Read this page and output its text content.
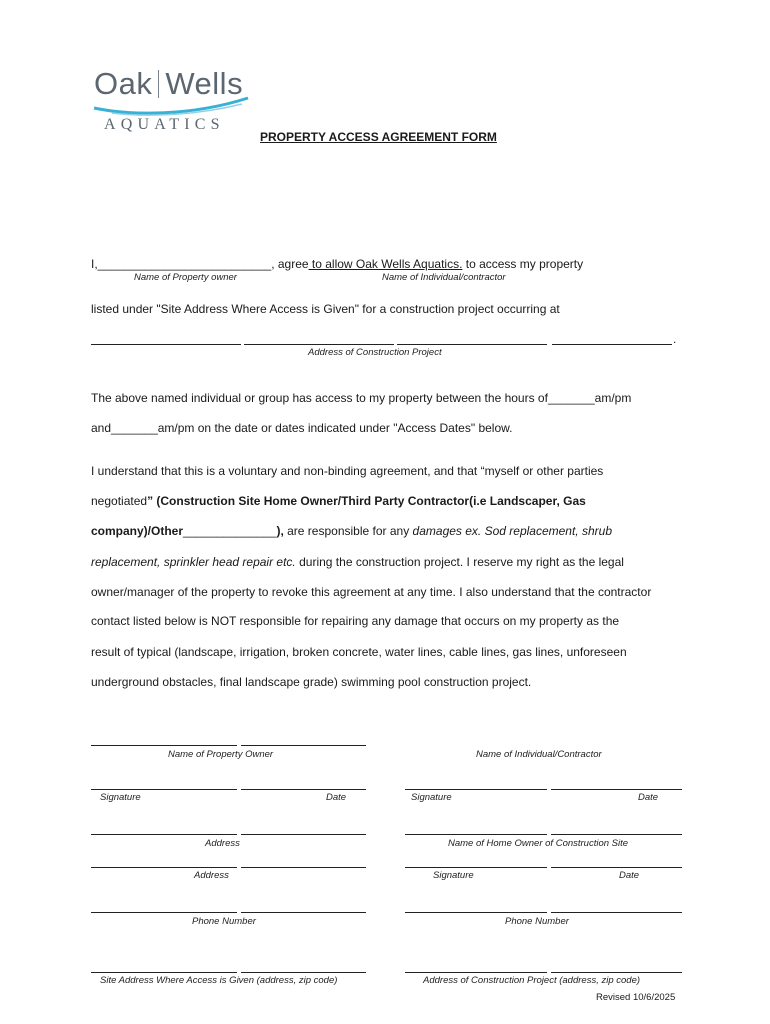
Oak Wells
AQUATICS
PROPERTY ACCESS AGREEMENT FORM
I,__________________________, agree to allow Oak Wells Aquatics. to access my property
Name of Property owner	Name of Individual/contractor
listed under "Site Address Where Access is Given" for a construction project occurring at
.
Address of Construction Project
The above named individual or group has access to my property between the hours of_______am/pm
and_______am/pm on the date or dates indicated under "Access Dates" below.
I understand that this is a voluntary and non-binding agreement, and that “myself or other parties
negotiated” (Construction Site Home Owner/Third Party Contractor(i.e Landscaper, Gas
company)/Other______________), are responsible for any damages ex. Sod replacement, shrub
replacement, sprinkler head repair etc. during the construction project. I reserve my right as the legal
owner/manager of the property to revoke this agreement at any time. I also understand that the contractor
contact listed below is NOT responsible for repairing any damage that occurs on my property as the
result of typical (landscape, irrigation, broken concrete, water lines, cable lines, gas lines, unforeseen
underground obstacles, final landscape grade) swimming pool construction project.
Name of Property Owner	Name of Individual/Contractor
Signature	Date	Signature	Date
Address	Name of Home Owner of Construction Site
Address	Signature	Date
Phone Number	Phone Number
Site Address Where Access is Given (address, zip code)	Address of Construction Project (address, zip code)
Revised 10/6/2025
